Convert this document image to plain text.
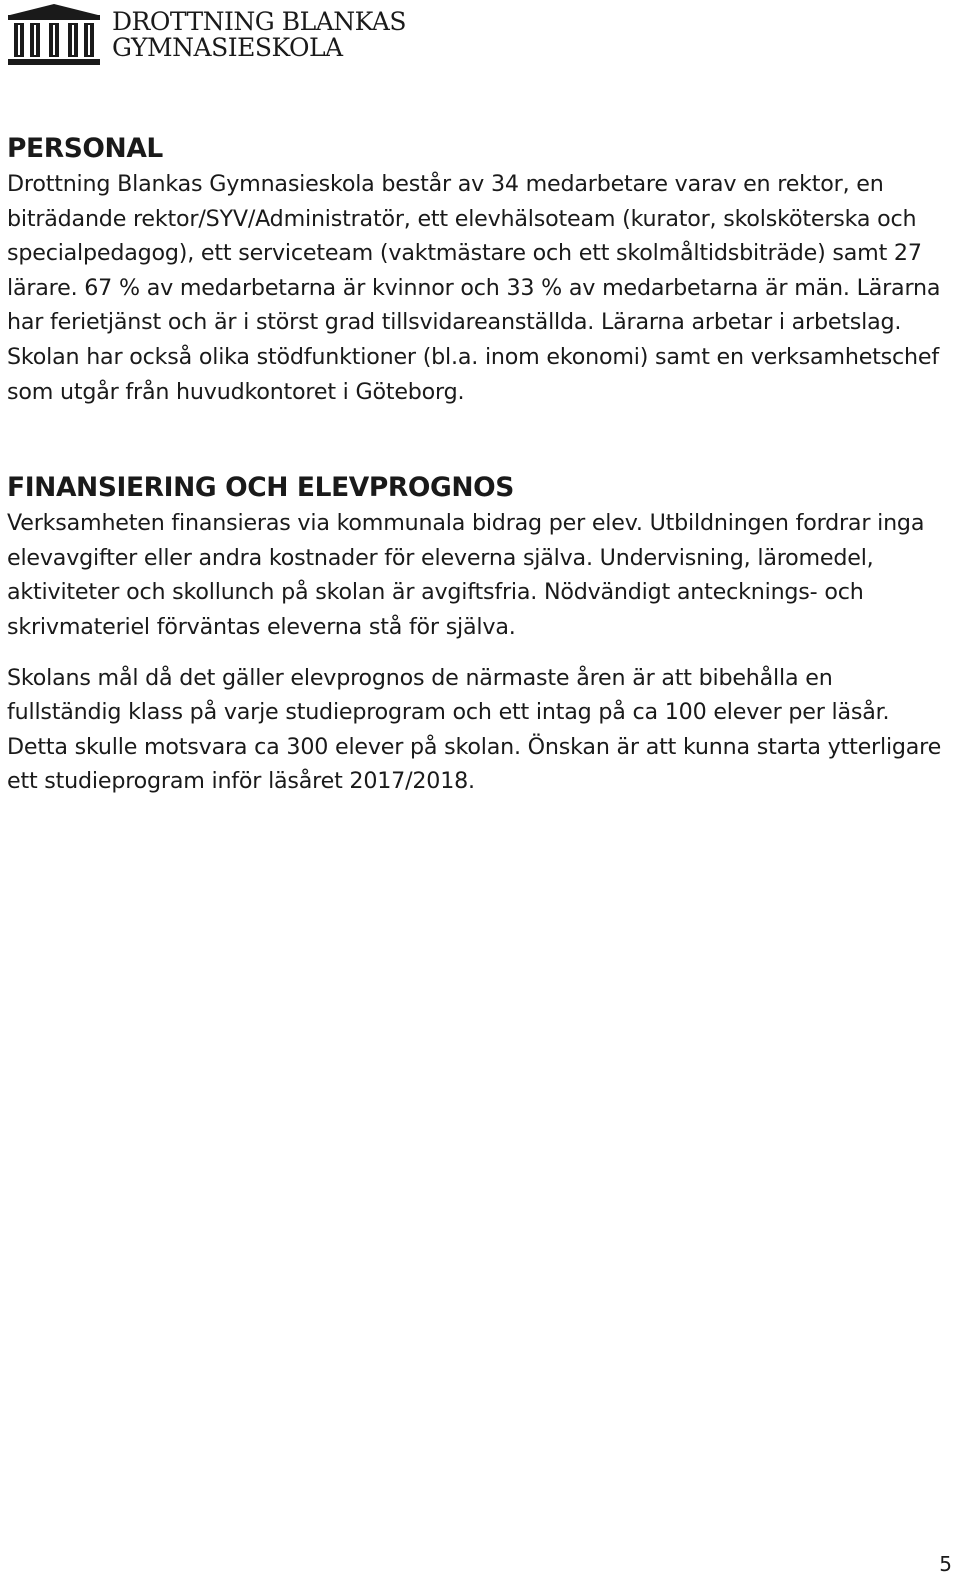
DROTTNING BLANKAS
GYMNASIESKOLA
PERSONAL

Drottning Blankas Gymnasieskola består av 34 medarbetare varav en rektor, en biträdande rektor/SYV/Administratör, ett elevhälsoteam (kurator, skolsköterska och specialpedagog), ett serviceteam (vaktmästare och ett skolmåltidsbiträde) samt 27 lärare. 67 % av medarbetarna är kvinnor och 33 % av medarbetarna är män. Lärarna har ferietjänst och är i störst grad tillsvidareanställda. Lärarna arbetar i arbetslag. Skolan har också olika stödfunktioner (bl.a. inom ekonomi) samt en verksamhetschef som utgår från huvudkontoret i Göteborg.

FINANSIERING OCH ELEVPROGNOS

Verksamheten finansieras via kommunala bidrag per elev. Utbildningen fordrar inga elevavgifter eller andra kostnader för eleverna själva. Undervisning, läromedel, aktiviteter och skollunch på skolan är avgiftsfria. Nödvändigt antecknings- och skrivmateriel förväntas eleverna stå för själva.

Skolans mål då det gäller elevprognos de närmaste åren är att bibehålla en fullständig klass på varje studieprogram och ett intag på ca 100 elever per läsår. Detta skulle motsvara ca 300 elever på skolan. Önskan är att kunna starta ytterligare ett studieprogram inför läsåret 2017/2018.

5
